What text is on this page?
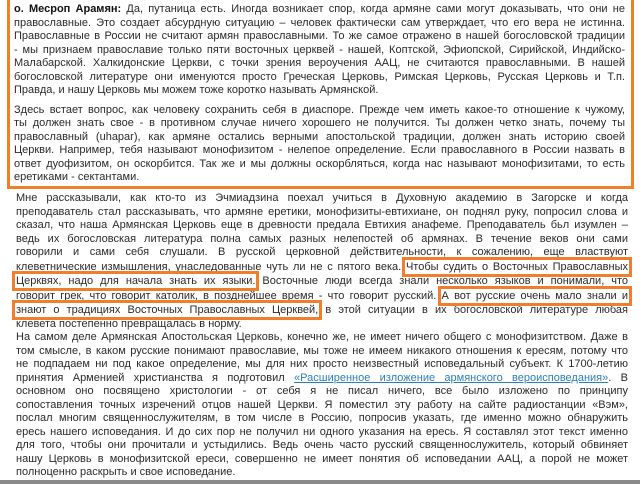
о. Месроп Арамян: Да, путаница есть. Иногда возникает спор, когда армяне сами могут доказывать, что они не
православные. Это создает абсурдную ситуацию – человек фактически сам утверждает, что его вера не истинна.
Православные в России не считают армян православными. То же самое отражено в нашей богословской традиции
- мы признаем православие только пяти восточных церквей - нашей, Коптской, Эфиопской, Сирийской, Индийско-
Малабарской. Халкидонские Церкви, с точки зрения вероучения ААЦ, не считаются православными. В нашей
богословской литературе они именуются просто Греческая Церковь, Римская Церковь, Русская Церковь и Т.п.
Правда, и нашу Церковь мы можем тоже коротко называть Армянской.
Здесь встает вопрос, как человеку сохранить себя в диаспоре. Прежде чем иметь какое-то отношение к чужому,
ты должен знать свое - в противном случае ничего хорошего не получится. Ты должен четко знать, почему ты
православный (uhapar), как армяне остались верными апостольской традиции, должен знать историю своей
Церкви. Например, тебя называют монофизитом - нелепое определение. Если православного в России назвать в
ответ дуофизитом, он оскорбится. Так же и мы должны оскорбляться, когда нас называют монофизитами, то есть
еретиками - сектантами.
Мне рассказывали, как кто-то из Эчмиадзина поехал учиться в Духовную академию в Загорске и когда
преподаватель стал рассказывать, что армяне еретики, монофизиты-евтихиане, он поднял руку, попросил слова и
сказал, что наша Армянская Церковь еще в древности предала Евтихия анафеме. Преподаватель бьл изумлен –
ведь их богословская литература полна самых разных нелепостей об армянах. В течение веков они сами
говорили и сами себя слушали. В русской церковной действительности, к сожалению, еще властвуют
клеветнические измышления, унаследованные чуть ли не с пятого века. Чтобы судить о Восточных Православных
Церквях, надо для начала знать их языки. Восточные люди всегда знали несколько языков и понимали, что
говорит грек, что говорит католик, в позднейшее время - что говорит русский. А вот русские очень мало знали и
знают о традициях Восточных Православных Церквей, в этой ситуации в их богословской литературе любая
клевета постепенно превращалась в норму.
На самом деле Армянская Апостольская Церковь, конечно же, не имеет ничего общего с монофизитством. Даже в
том смысле, в каком русские понимают православие, мы тоже не имеем никакого отношения к ересям, потому что
не подпадаем ни под какое определение, мы для них просто неизвестный исповедальный субъект. К 1700-летию
принятия Арменией христианства я подготовил «Расширенное изложение армянского вероисповедания». В
основном оно посвящено христологии - от себя я не писал ничего, все было изложено по принципу
сопоставления точных изречений отцов нашей Церкви. Я поместил эту работу на сайте радиостанции «Вэм»,
послал многим священнослужителям, в том числе в Россию, попросив указать, где именно можно обнаружить
ересь нашего исповедания. И до сих пор не получил ни одного указания на ересь. Я составлял этот текст именно
для того, чтобы они прочитали и устыдились. Ведь очень часто русский священнослужитель, который обвиняет
нашу Церковь в монофизитской ереси, совершенно не имеет понятия об исповедании ААЦ, а порой не может
полноценно раскрыть и свое исповедание.
